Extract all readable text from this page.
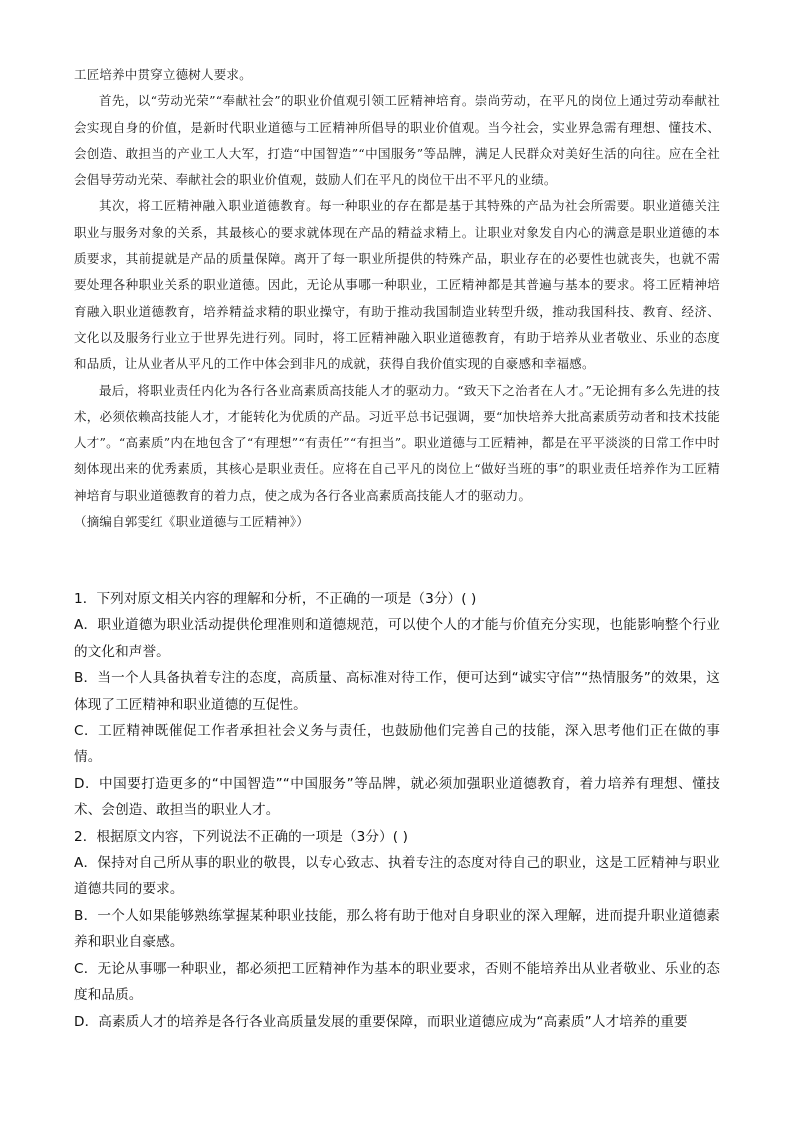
工匠培养中贯穿立德树人要求。

首先，以“劳动光荣”“奉献社会”的职业价值观引领工匠精神培育。崇尚劳动，在平凡的岗位上通过劳动奉献社会实现自身的价值，是新时代职业道德与工匠精神所倡导的职业价值观。当今社会，实业界急需有理想、懂技术、会创造、敢担当的产业工人大军，打造“中国智造”“中国服务”等品牌，满足人民群众对美好生活的向往。应在全社会倡导劳动光荣、奉献社会的职业价值观，鼓励人们在平凡的岗位干出不平凡的业绩。

其次，将工匠精神融入职业道德教育。每一种职业的存在都是基于其特殊的产品为社会所需要。职业道德关注职业与服务对象的关系，其最核心的要求就体现在产品的精益求精上。让职业对象发自内心的满意是职业道德的本质要求，其前提就是产品的质量保障。离开了每一职业所提供的特殊产品，职业存在的必要性也就丧失，也就不需要处理各种职业关系的职业道德。因此，无论从事哪一种职业，工匠精神都是其普遍与基本的要求。将工匠精神培育融入职业道德教育，培养精益求精的职业操守，有助于推动我国制造业转型升级，推动我国科技、教育、经济、文化以及服务行业立于世界先进行列。同时，将工匠精神融入职业道德教育，有助于培养从业者敬业、乐业的态度和品质，让从业者从平凡的工作中体会到非凡的成就，获得自我价值实现的自豪感和幸福感。

最后，将职业责任内化为各行各业高素质高技能人才的驱动力。“致天下之治者在人才。”无论拥有多么先进的技术，必须依赖高技能人才，才能转化为优质的产品。习近平总书记强调，要“加快培养大批高素质劳动者和技术技能人才”。“高素质”内在地包含了“有理想”“有责任”“有担当”。职业道德与工匠精神，都是在平平淡淡的日常工作中时刻体现出来的优秀素质，其核心是职业责任。应将在自己平凡的岗位上“做好当班的事”的职业责任培养作为工匠精神培育与职业道德教育的着力点，使之成为各行各业高素质高技能人才的驱动力。

（摘编自郭雯红《职业道德与工匠精神》）

1．下列对原文相关内容的理解和分析，不正确的一项是（3分）( )

A．职业道德为职业活动提供伦理准则和道德规范，可以使个人的才能与价值充分实现，也能影响整个行业的文化和声誉。

B．当一个人具备执着专注的态度，高质量、高标准对待工作，便可达到“诚实守信”“热情服务”的效果，这体现了工匠精神和职业道德的互促性。

C．工匠精神既催促工作者承担社会义务与责任，也鼓励他们完善自己的技能，深入思考他们正在做的事情。

D．中国要打造更多的“中国智造”“中国服务”等品牌，就必须加强职业道德教育，着力培养有理想、懂技术、会创造、敢担当的职业人才。

2．根据原文内容，下列说法不正确的一项是（3分）( )

A．保持对自己所从事的职业的敬畏，以专心致志、执着专注的态度对待自己的职业，这是工匠精神与职业道德共同的要求。

B．一个人如果能够熟练掌握某种职业技能，那么将有助于他对自身职业的深入理解，进而提升职业道德素养和职业自豪感。

C．无论从事哪一种职业，都必须把工匠精神作为基本的职业要求，否则不能培养出从业者敬业、乐业的态度和品质。

D．高素质人才的培养是各行各业高质量发展的重要保障，而职业道德应成为“高素质”人才培养的重要
